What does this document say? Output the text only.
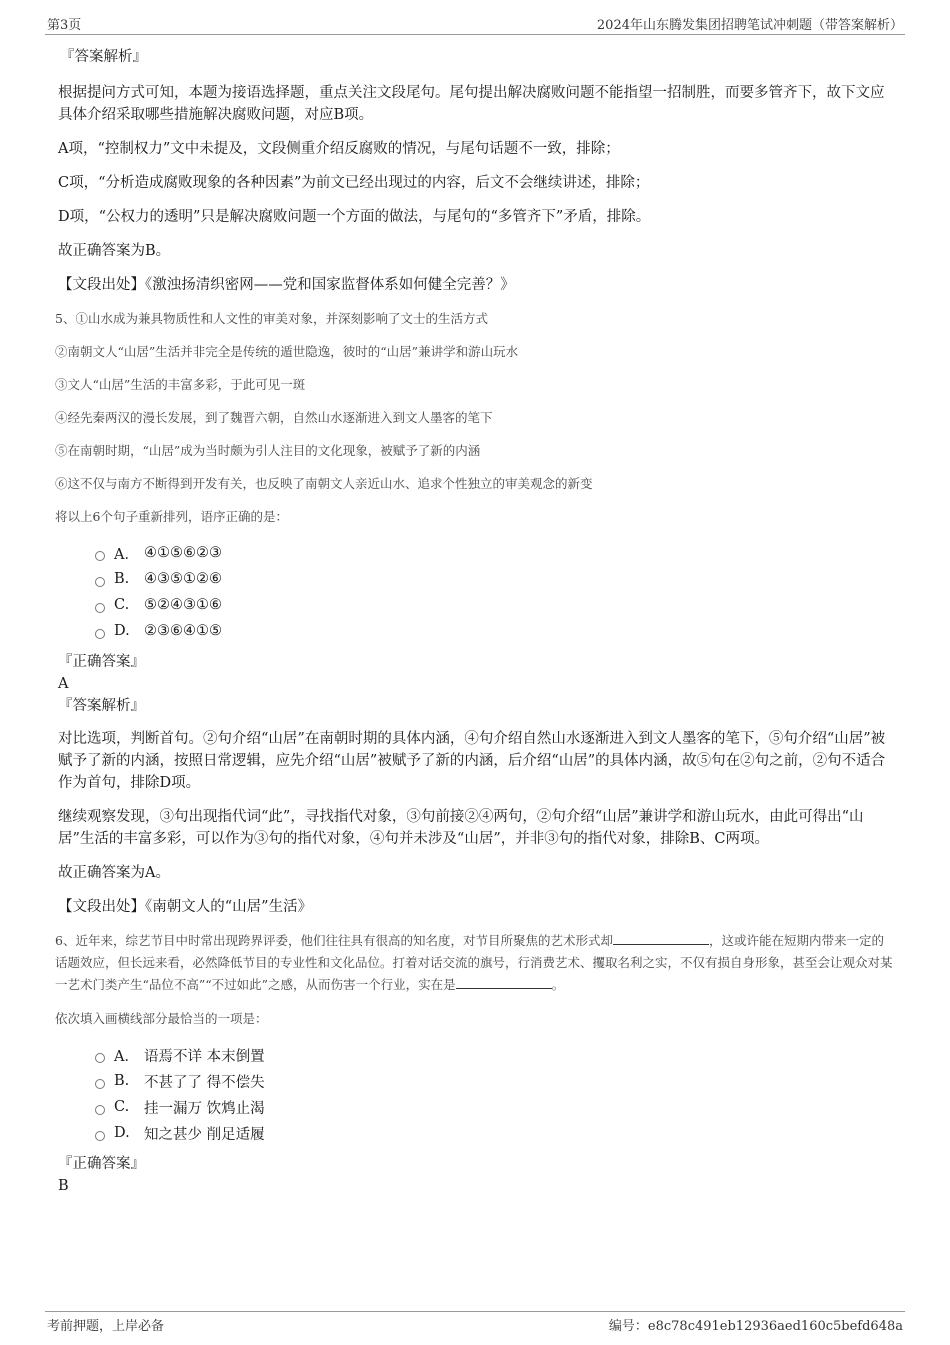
第3页	2024年山东腾发集团招聘笔试冲刺题（带答案解析）
『答案解析』
根据提问方式可知，本题为接语选择题，重点关注文段尾句。尾句提出解决腐败问题不能指望一招制胜，而要多管齐下，故下文应具体介绍采取哪些措施解决腐败问题，对应B项。
A项，“控制权力”文中未提及，文段侧重介绍反腐败的情况，与尾句话题不一致，排除；
C项，“分析造成腐败现象的各种因素”为前文已经出现过的内容，后文不会继续讲述，排除；
D项，“公权力的透明”只是解决腐败问题一个方面的做法，与尾句的“多管齐下”矛盾，排除。
故正确答案为B。
【文段出处】《激浊扬清织密网——党和国家监督体系如何健全完善？》
5、①山水成为兼具物质性和人文性的审美对象，并深刻影响了文士的生活方式
②南朝文人“山居”生活并非完全是传统的遁世隐逸，彼时的“山居”兼讲学和游山玩水
③文人“山居”生活的丰富多彩，于此可见一斑
④经先秦两汉的漫长发展，到了魏晋六朝，自然山水逐渐进入到文人墨客的笔下
⑤在南朝时期，“山居”成为当时颇为引人注目的文化现象，被赋予了新的内涵
⑥这不仅与南方不断得到开发有关，也反映了南朝文人亲近山水、追求个性独立的审美观念的新变
将以上6个句子重新排列，语序正确的是：
A． ④①⑤⑥②③
B.	④③⑤①②⑥
C.	⑤②④③①⑥
D. ②③⑥④①⑤
『正确答案』
A
『答案解析』
对比选项，判断首句。②句介绍“山居”在南朝时期的具体内涵，④句介绍自然山水逐渐进入到文人墨客的笔下，⑤句介绍“山居”被赋予了新的内涵，按照日常逻辑，应先介绍“山居”被赋予了新的内涵，后介绍“山居”的具体内涵，故⑤句在②句之前，②句不适合作为首句，排除D项。
继续观察发现，③句出现指代词“此”，寻找指代对象，③句前接②④两句，②句介绍“山居”兼讲学和游山玩水，由此可得出“山居”生活的丰富多彩，可以作为③句的指代对象，④句并未涉及“山居”，并非③句的指代对象，排除B、C两项。
故正确答案为A。
【文段出处】《南朝文人的“山居”生活》
6、近年来，综艺节目中时常出现跨界评委，他们往往具有很高的知名度，对节目所聚焦的艺术形式却	，这或许能在短期内带来一定的话题效应，但长远来看，必然降低节目的专业性和文化品位。打着对话交流的旗号，行消费艺术、攫取名利之实，不仅有损自身形象，甚至会让观众对某一艺术门类产生“品位不高”“不过如此”之感，从而伤害一个行业，实在是	。
依次填入画横线部分最恰当的一项是：
A． 语焉不详 本末倒置
B.	不甚了了 得不偿失
C.	挂一漏万 饮鸩止渴
D. 知之甚少 削足适履
『正确答案』
B
考前押题，上岸必备	编号：e8c78c491eb12936aed160c5befd648a
